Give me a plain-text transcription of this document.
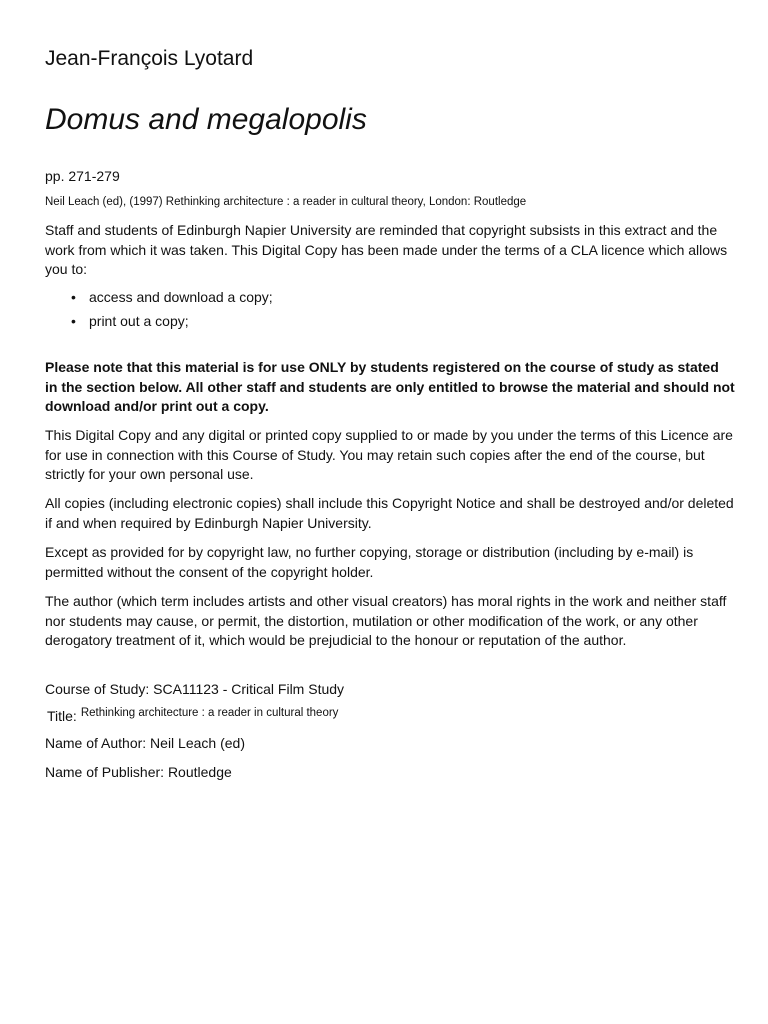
Jean-François Lyotard
Domus and megalopolis
pp. 271-279
Neil Leach (ed), (1997) Rethinking architecture : a reader in cultural theory, London: Routledge
Staff and students of Edinburgh Napier University are reminded that copyright subsists in this extract and the work from which it was taken. This Digital Copy has been made under the terms of a CLA licence which allows you to:
• access and download a copy;
• print out a copy;
Please note that this material is for use ONLY by students registered on the course of study as stated in the section below. All other staff and students are only entitled to browse the material and should not download and/or print out a copy.
This Digital Copy and any digital or printed copy supplied to or made by you under the terms of this Licence are for use in connection with this Course of Study. You may retain such copies after the end of the course, but strictly for your own personal use.
All copies (including electronic copies) shall include this Copyright Notice and shall be destroyed and/or deleted if and when required by Edinburgh Napier University.
Except as provided for by copyright law, no further copying, storage or distribution (including by e-mail) is permitted without the consent of the copyright holder.
The author (which term includes artists and other visual creators) has moral rights in the work and neither staff nor students may cause, or permit, the distortion, mutilation or other modification of the work, or any other derogatory treatment of it, which would be prejudicial to the honour or reputation of the author.
Course of Study: SCA11123 - Critical Film Study
Title: $^{Rethinking architecture : a reader in cultural theory}$
Name of Author: Neil Leach (ed)
Name of Publisher: Routledge
